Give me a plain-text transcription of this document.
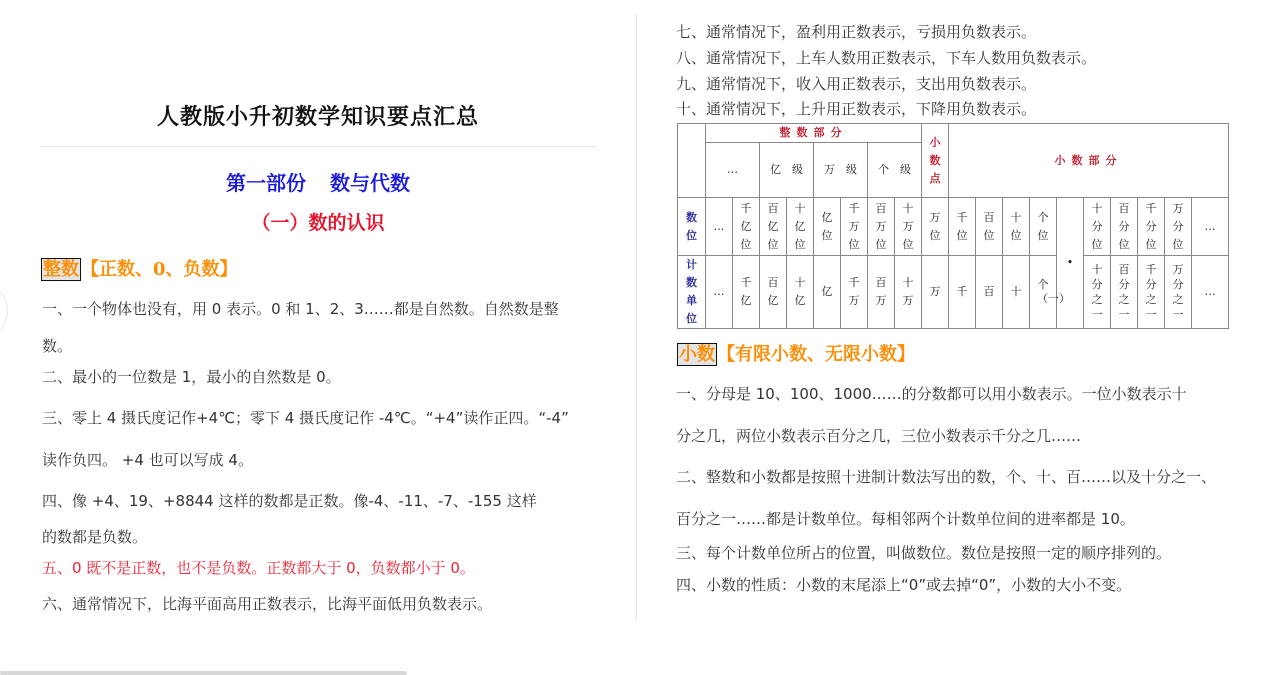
人教版小升初数学知识要点汇总
第一部份 数与代数
（一）数的认识
整数 【正数、0、负数】
一、一个物体也没有，用 0 表示。0 和 1、2、3……都是自然数。自然数是整
数。
二、最小的一位数是 1，最小的自然数是 0。
三、零上 4 摄氏度记作+4℃；零下 4 摄氏度记作 -4℃。“+4”读作正四。“-4”
读作负四。 +4 也可以写成 4。
四、像 +4、19、+8844 这样的数都是正数。像-4、-11、-7、-155 这样
的数都是负数。
五、0 既不是正数，也不是负数。正数都大于 0，负数都小于 0。
六、通常情况下，比海平面高用正数表示，比海平面低用负数表示。
七、通常情况下，盈利用正数表示，亏损用负数表示。
八、通常情况下，上车人数用正数表示，下车人数用负数表示。
九、通常情况下，收入用正数表示，支出用负数表示。
十、通常情况下，上升用正数表示，下降用负数表示。
	整数部分								小数点	小数部分									
	…		亿　级		万　级		个　级												

数位	…	千亿位	百亿位	十亿位	亿位	千万位	百万位	十万位	万位	千位	百位	十位	个位	•	十分位	百分位	千分位	万分位	…

计数单位	…	千亿	百亿	十亿	亿	千万	百万	十万	万	千	百	十	个（一）		十分之一	百分之一	千分之一	万分之一	…
小数 【有限小数、无限小数】
一、分母是 10、100、1000……的分数都可以用小数表示。一位小数表示十
分之几，两位小数表示百分之几，三位小数表示千分之几……
二、整数和小数都是按照十进制计数法写出的数，个、十、百……以及十分之一、
百分之一……都是计数单位。每相邻两个计数单位间的进率都是 10。
三、每个计数单位所占的位置，叫做数位。数位是按照一定的顺序排列的。
四、小数的性质：小数的末尾添上“0”或去掉“0”，小数的大小不变。
